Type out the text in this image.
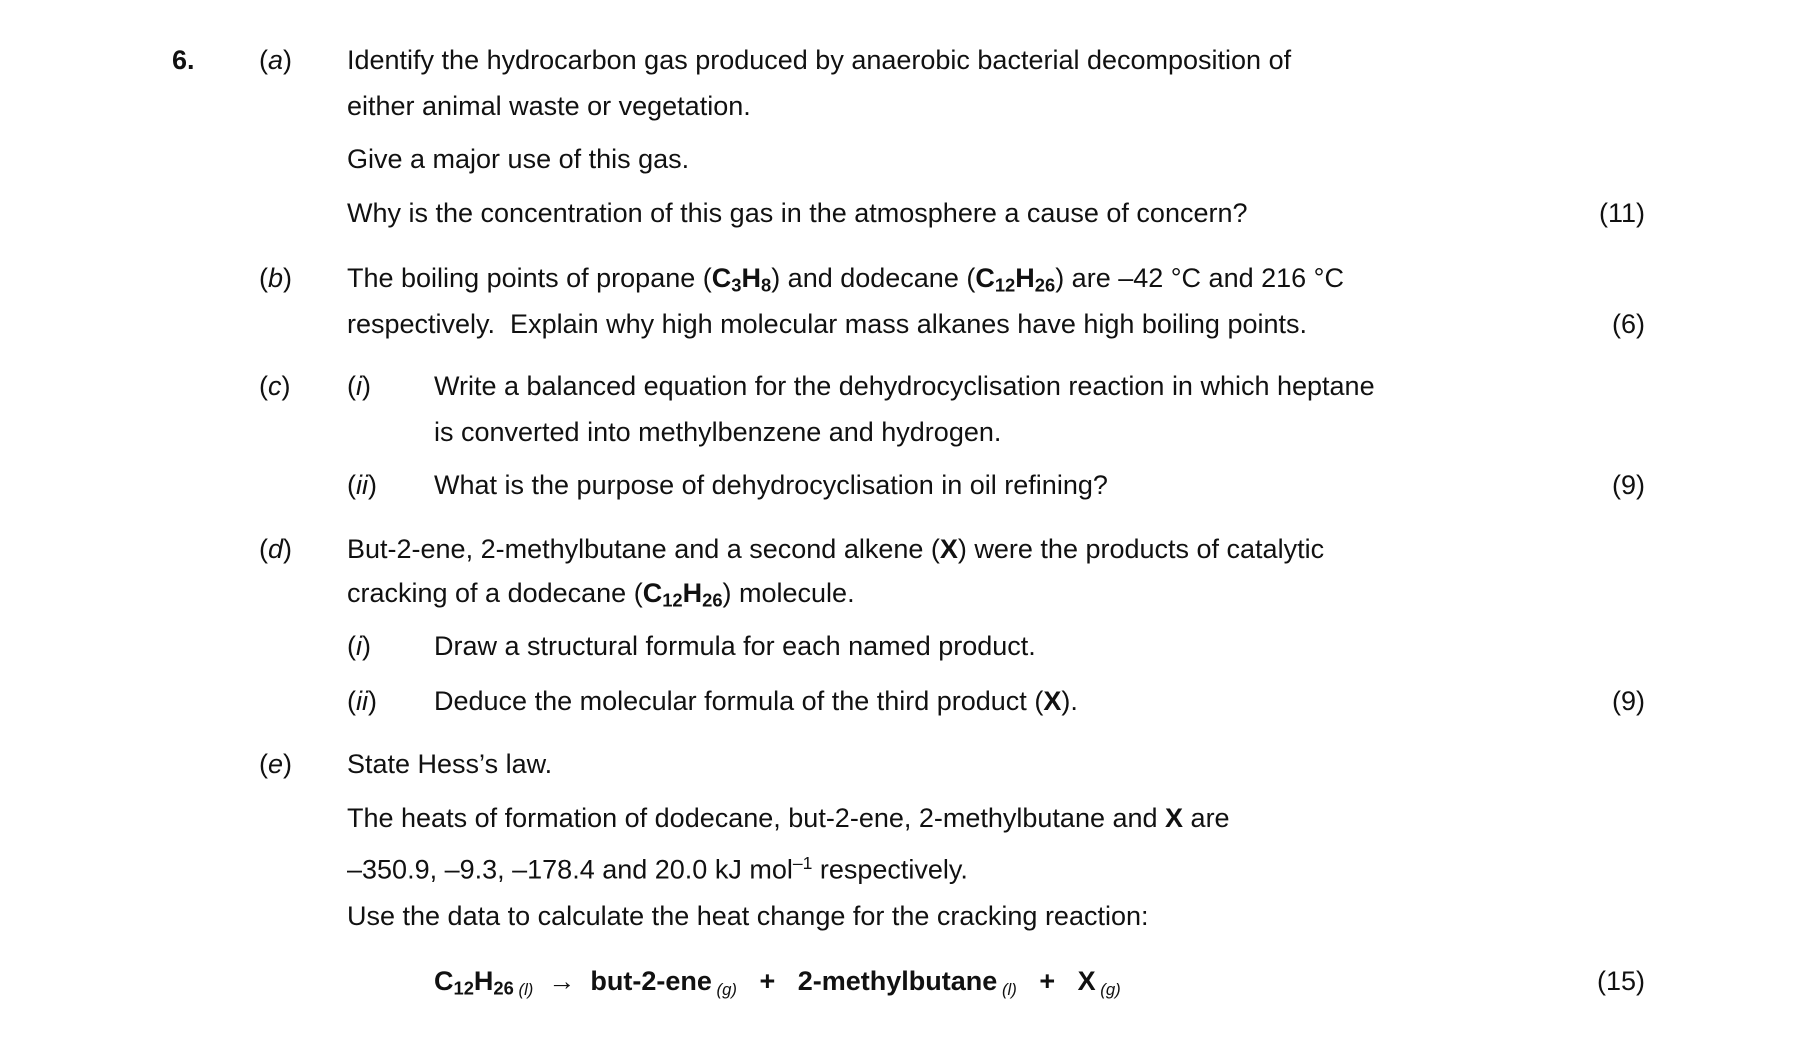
6. (a) Identify the hydrocarbon gas produced by anaerobic bacterial decomposition of
either animal waste or vegetation.
Give a major use of this gas.
Why is the concentration of this gas in the atmosphere a cause of concern?	(11)
(b) The boiling points of propane $(C_3H_8)$ and dodecane $(C_{12}H_{26})$ are –42 °C and 216 °C
respectively.  Explain why high molecular mass alkanes have high boiling points.	(6)
(c) (i) Write a balanced equation for the dehydrocyclisation reaction in which heptane
is converted into methylbenzene and hydrogen.
(ii) What is the purpose of dehydrocyclisation in oil refining?	(9)
(d) But-2-ene, 2-methylbutane and a second alkene (X) were the products of catalytic
cracking of a dodecane $(C_{12}H_{26})$ molecule.
(i) Draw a structural formula for each named product.
(ii) Deduce the molecular formula of the third product (X).	(9)
(e) State Hess’s law.
The heats of formation of dodecane, but-2-ene, 2-methylbutane and X are
–350.9, –9.3, –178.4 and 20.0 kJ mol$^{-1}$ respectively.
Use the data to calculate the heat change for the cracking reaction:
$C_{12}H_{26}$ (l)  →  but-2-ene (g)   +   2-methylbutane (l)   +   X (g)	(15)
